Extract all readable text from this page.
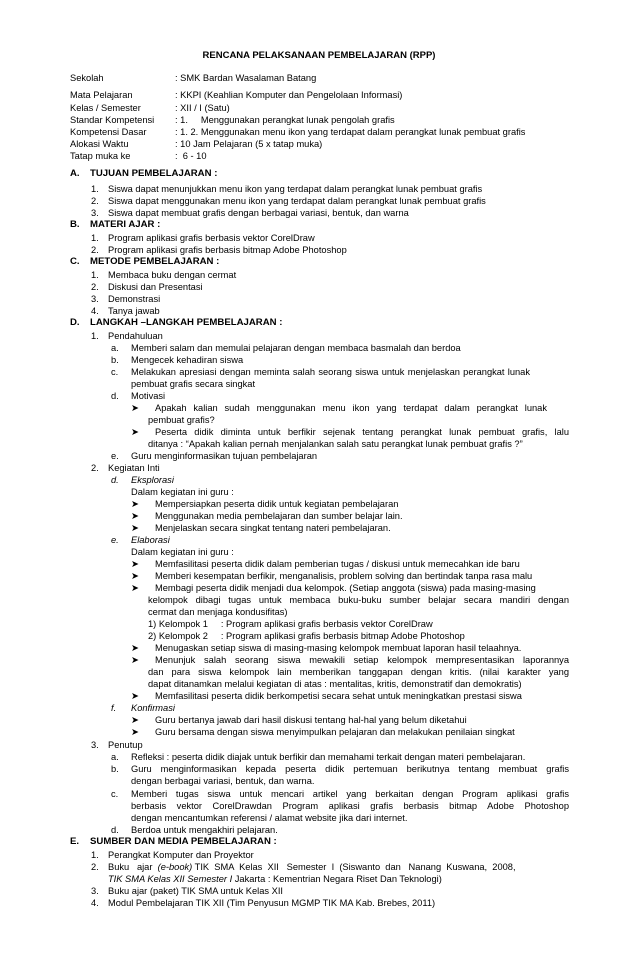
RENCANA PELAKSANAAN PEMBELAJARAN (RPP)
Sekolah	: SMK Bardan Wasalaman Batang
Mata Pelajaran	: KKPI (Keahlian Komputer dan Pengelolaan Informasi)
Kelas / Semester	: XII / I (Satu)
Standar Kompetensi : 1.     Menggunakan perangkat lunak pengolah grafis
Kompetensi Dasar	: 1. 2. Menggunakan menu ikon yang terdapat dalam perangkat lunak pembuat grafis
Alokasi Waktu	: 10 Jam Pelajaran (5 x tatap muka)
Tatap muka ke	:  6 - 10
A. TUJUAN PEMBELAJARAN :
1. Siswa dapat menunjukkan menu ikon yang terdapat dalam perangkat lunak pembuat grafis
2. Siswa dapat menggunakan menu ikon yang terdapat dalam perangkat lunak pembuat grafis
3. Siswa dapat membuat grafis dengan berbagai variasi, bentuk, dan warna
B. MATERI AJAR :
1. Program aplikasi grafis berbasis vektor CorelDraw
2. Program aplikasi grafis berbasis bitmap Adobe Photoshop
C. METODE PEMBELAJARAN :
1. Membaca buku dengan cermat
2. Diskusi dan Presentasi
3. Demonstrasi
4. Tanya jawab
D. LANGKAH –LANGKAH PEMBELAJARAN :
1. Pendahuluan
a. Memberi salam dan memulai pelajaran dengan membaca basmalah dan berdoa
b. Mengecek kehadiran siswa
c. Melakukan apresiasi dengan meminta salah seorang siswa untuk menjelaskan perangkat lunak
pembuat grafis secara singkat
d. Motivasi
➤ Apakah kalian sudah menggunakan menu ikon yang terdapat dalam perangkat lunak
pembuat grafis?
➤ Peserta didik diminta untuk berfikir sejenak tentang perangkat lunak pembuat grafis, lalu
ditanya : “Apakah kalian pernah menjalankan salah satu perangkat lunak pembuat grafis ?”
e. Guru menginformasikan tujuan pembelajaran
2. Kegiatan Inti
d. Eksplorasi
Dalam kegiatan ini guru :
➤ Mempersiapkan peserta didik untuk kegiatan pembelajaran
➤ Menggunakan media pembelajaran dan sumber belajar lain.
➤ Menjelaskan secara singkat tentang nateri pembelajaran.
e. Elaborasi
Dalam kegiatan ini guru :
➤ Memfasilitasi peserta didik dalam pemberian tugas / diskusi untuk memecahkan ide baru
➤ Memberi kesempatan berfikir, menganalisis, problem solving dan bertindak tanpa rasa malu
➤ Membagi peserta didik menjadi dua kelompok. (Setiap anggota (siswa) pada masing-masing
kelompok dibagi tugas untuk membaca buku-buku sumber belajar secara mandiri dengan
cermat dan menjaga kondusifitas)
1) Kelompok 1     : Program aplikasi grafis berbasis vektor CorelDraw
2) Kelompok 2     : Program aplikasi grafis berbasis bitmap Adobe Photoshop
➤ Menugaskan setiap siswa di masing-masing kelompok membuat laporan hasil telaahnya.
➤ Menunjuk salah seorang siswa mewakili setiap kelompok mempresentasikan laporannya
dan para siswa kelompok lain memberikan tanggapan dengan kritis. (nilai karakter yang
dapat ditanamkan melalui kegiatan di atas : mentalitas, kritis, demonstratif dan demokratis)
➤ Memfasilitasi peserta didik berkompetisi secara sehat untuk meningkatkan prestasi siswa
f. Konfirmasi
➤ Guru bertanya jawab dari hasil diskusi tentang hal-hal yang belum diketahui
➤ Guru bersama dengan siswa menyimpulkan pelajaran dan melakukan penilaian singkat
3. Penutup
a. Refleksi : peserta didik diajak untuk berfikir dan memahami terkait dengan materi pembelajaran.
b. Guru menginformasikan kepada peserta didik pertemuan berikutnya tentang membuat grafis
dengan berbagai variasi, bentuk, dan warna.
c. Memberi tugas siswa untuk mencari artikel yang berkaitan dengan Program aplikasi grafis
berbasis vektor CorelDrawdan Program aplikasi grafis berbasis bitmap Adobe Photoshop
dengan mencantumkan referensi / alamat website jika dari internet.
d. Berdoa untuk mengakhiri pelajaran.
E. SUMBER DAN MEDIA PEMBELAJARAN :
1. Perangkat Komputer dan Proyektor
2. Buku   ajar  (e-book) TIK  SMA  Kelas  XII   Semester  I  (Siswanto  dan   Nanang  Kuswana,  2008,
TIK SMA Kelas XII Semester I Jakarta : Kementrian Negara Riset Dan Teknologi)
3. Buku ajar (paket) TIK SMA untuk Kelas XII
4. Modul Pembelajaran TIK XII (Tim Penyusun MGMP TIK MA Kab. Brebes, 2011)
